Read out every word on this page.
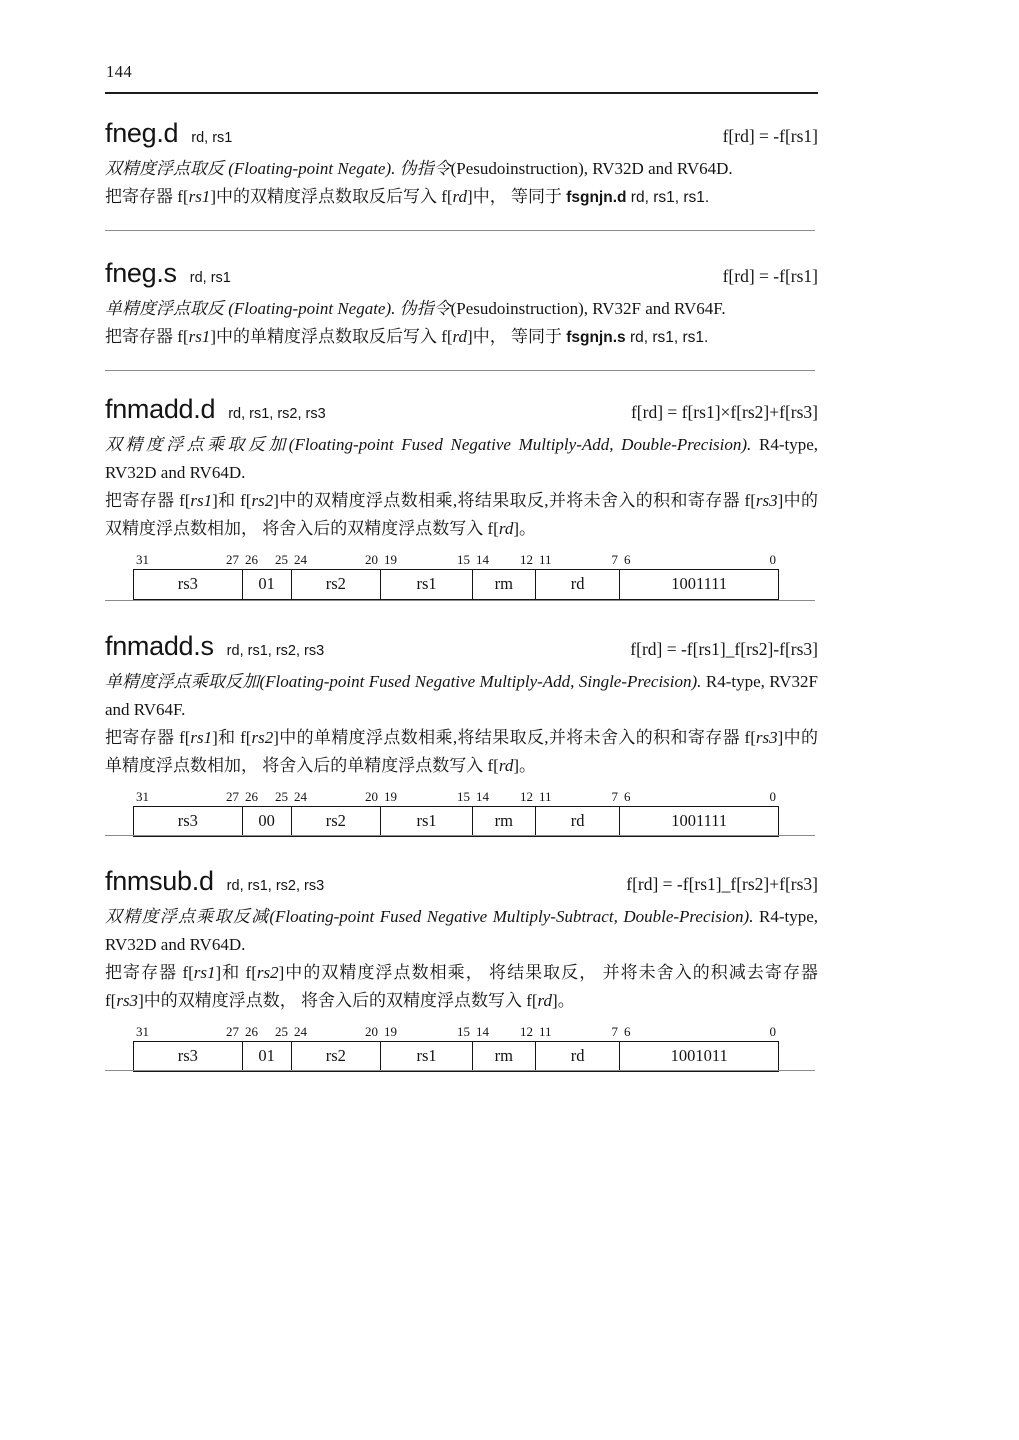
144
fneg.d rd, rs1	f[rd] = -f[rs1]
双精度浮点取反 (Floating-point Negate). 伪指令(Pesudoinstruction), RV32D and RV64D.
把寄存器 f[rs1]中的双精度浮点数取反后写入 f[rd]中， 等同于 fsgnjn.d rd, rs1, rs1.
fneg.s rd, rs1	f[rd] = -f[rs1]
单精度浮点取反 (Floating-point Negate). 伪指令(Pesudoinstruction), RV32F and RV64F.
把寄存器 f[rs1]中的单精度浮点数取反后写入 f[rd]中， 等同于 fsgnjn.s rd, rs1, rs1.
fnmadd.d rd, rs1, rs2, rs3	f[rd] = f[rs1]×f[rs2]+f[rs3]
双精度浮点乘取反加(Floating-point Fused Negative Multiply-Add, Double-Precision). R4-type, RV32D and RV64D.
把寄存器 f[rs1]和 f[rs2]中的双精度浮点数相乘,将结果取反,并将未舍入的积和寄存器 f[rs3]中的双精度浮点数相加， 将舍入后的双精度浮点数写入 f[rd]。
31	27 26 25 24	20 19	15 14 12 11	7 6	0
rs3	01	rs2	rs1	rm	rd	1001111
fnmadd.s rd, rs1, rs2, rs3	f[rd] = -f[rs1]_f[rs2]-f[rs3]
单精度浮点乘取反加(Floating-point Fused Negative Multiply-Add, Single-Precision). R4-type, RV32F and RV64F.
把寄存器 f[rs1]和 f[rs2]中的单精度浮点数相乘,将结果取反,并将未舍入的积和寄存器 f[rs3]中的单精度浮点数相加， 将舍入后的单精度浮点数写入 f[rd]。
31	27 26 25 24	20 19	15 14 12 11	7 6	0
rs3	00	rs2	rs1	rm	rd	1001111
fnmsub.d rd, rs1, rs2, rs3	f[rd] = -f[rs1]_f[rs2]+f[rs3]
双精度浮点乘取反减(Floating-point Fused Negative Multiply-Subtract, Double-Precision). R4-type, RV32D and RV64D.
把寄存器 f[rs1]和 f[rs2]中的双精度浮点数相乘， 将结果取反， 并将未舍入的积减去寄存器 f[rs3]中的双精度浮点数， 将舍入后的双精度浮点数写入 f[rd]。
31	27 26 25 24	20 19	15 14 12 11	7 6	0
rs3	01	rs2	rs1	rm	rd	1001011
